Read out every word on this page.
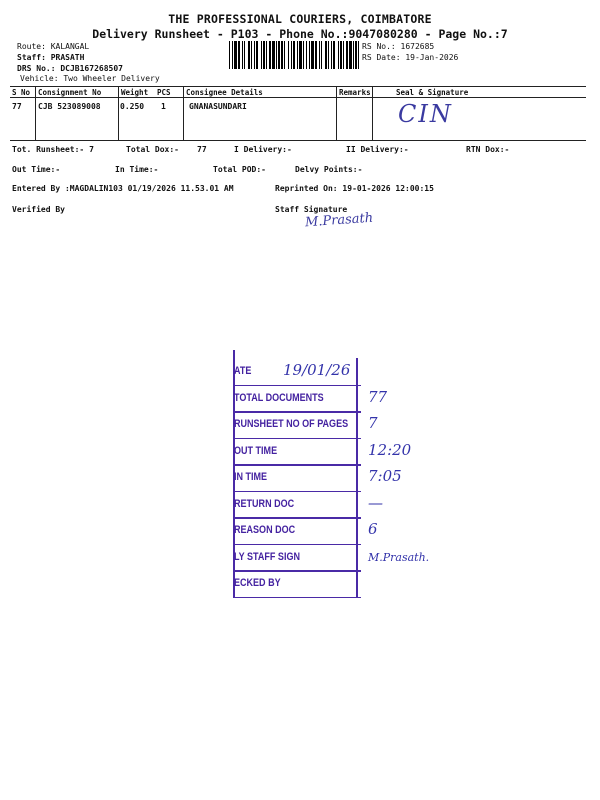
THE PROFESSIONAL COURIERS, COIMBATORE
Delivery Runsheet - P103 - Phone No.:9047080280 - Page No.:7
Route: KALANGAL
Staff: PRASATH
DRS No.: DCJB167268507
Vehicle: Two Wheeler Delivery
RS No.: 1672685
RS Date: 19-Jan-2026
S No Consignment No	Weight PCS Consignee Details	Remarks	Seal & Signature
77 CJB 523089008 0.250 1	GNANASUNDARI	CIN
Tot. Runsheet:- 7	Total Dox:- 77	I Delivery:-	II Delivery:-	RTN Dox:-
Out Time:-	In Time:-	Total POD:-	Delvy Points:-
Entered By :MAGDALIN103 01/19/2026 11.53.01 AM	Reprinted On: 19-01-2026 12:00:15
Verified By	Staff Signature
M.Prasath
ATE	19/01/26
TOTAL DOCUMENTS	77
RUNSHEET NO OF PAGES 7
OUT TIME	12:20
IN TIME	7:05
RETURN DOC	—
REASON DOC	6
LY STAFF SIGN	M.Prasath.
ECKED BY
